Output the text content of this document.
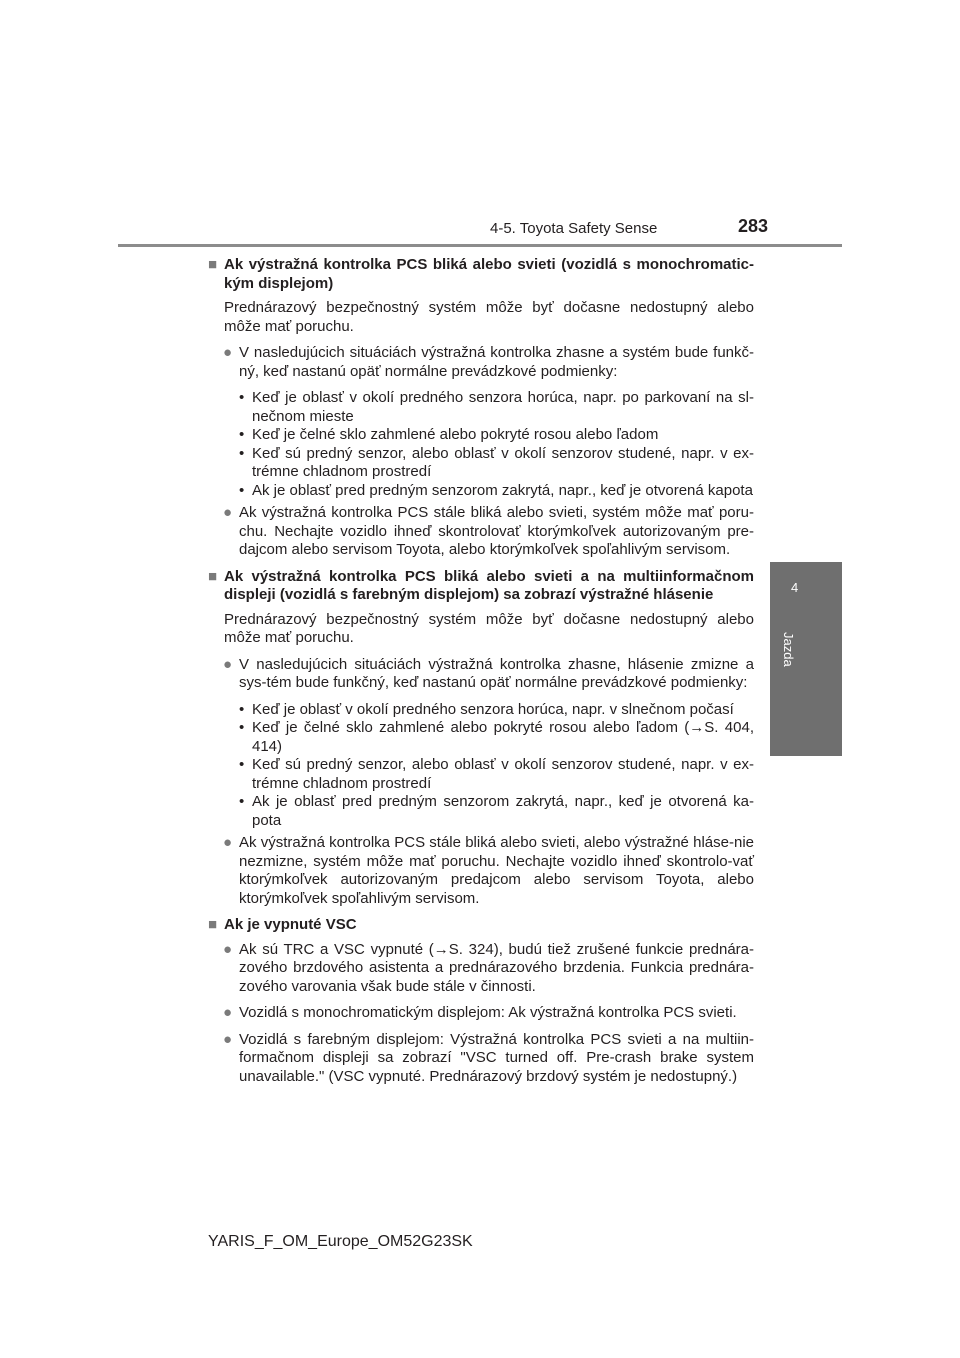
4-5. Toyota Safety Sense	283
4
Jazda
■ Ak výstražná kontrolka PCS bliká alebo svieti (vozidlá s monochromatic-kým displejom)
Prednárazový bezpečnostný systém môže byť dočasne nedostupný alebo môže mať poruchu.
● V nasledujúcich situáciách výstražná kontrolka zhasne a systém bude funkč-ný, keď nastanú opäť normálne prevádzkové podmienky:
• Keď je oblasť v okolí predného senzora horúca, napr. po parkovaní na sl-nečnom mieste
• Keď je čelné sklo zahmlené alebo pokryté rosou alebo ľadom
• Keď sú predný senzor, alebo oblasť v okolí senzorov studené, napr. v ex-trémne chladnom prostredí
• Ak je oblasť pred predným senzorom zakrytá, napr., keď je otvorená kapota
● Ak výstražná kontrolka PCS stále bliká alebo svieti, systém môže mať poru-chu. Nechajte vozidlo ihneď skontrolovať ktorýmkoľvek autorizovaným pre-dajcom alebo servisom Toyota, alebo ktorýmkoľvek spoľahlivým servisom.
■ Ak výstražná kontrolka PCS bliká alebo svieti a na multiinformačnom displeji (vozidlá s farebným displejom) sa zobrazí výstražné hlásenie
Prednárazový bezpečnostný systém môže byť dočasne nedostupný alebo môže mať poruchu.
● V nasledujúcich situáciách výstražná kontrolka zhasne, hlásenie zmizne a sys-tém bude funkčný, keď nastanú opäť normálne prevádzkové podmienky:
• Keď je oblasť v okolí predného senzora horúca, napr. v slnečnom počasí
• Keď je čelné sklo zahmlené alebo pokryté rosou alebo ľadom (→S. 404, 414)
• Keď sú predný senzor, alebo oblasť v okolí senzorov studené, napr. v ex-trémne chladnom prostredí
• Ak je oblasť pred predným senzorom zakrytá, napr., keď je otvorená ka-pota
● Ak výstražná kontrolka PCS stále bliká alebo svieti, alebo výstražné hláse-nie nezmizne, systém môže mať poruchu. Nechajte vozidlo ihneď skontrolo-vať ktorýmkoľvek autorizovaným predajcom alebo servisom Toyota, alebo ktorýmkoľvek spoľahlivým servisom.
■ Ak je vypnuté VSC
● Ak sú TRC a VSC vypnuté (→S. 324), budú tiež zrušené funkcie prednára-zového brzdového asistenta a prednárazového brzdenia. Funkcia prednára-zového varovania však bude stále v činnosti.
● Vozidlá s monochromatickým displejom: Ak výstražná kontrolka PCS svieti.
● Vozidlá s farebným displejom: Výstražná kontrolka PCS svieti a na multiin-formačnom displeji sa zobrazí "VSC turned off. Pre-crash brake system unavailable." (VSC vypnuté. Prednárazový brzdový systém je nedostupný.)
YARIS_F_OM_Europe_OM52G23SK
